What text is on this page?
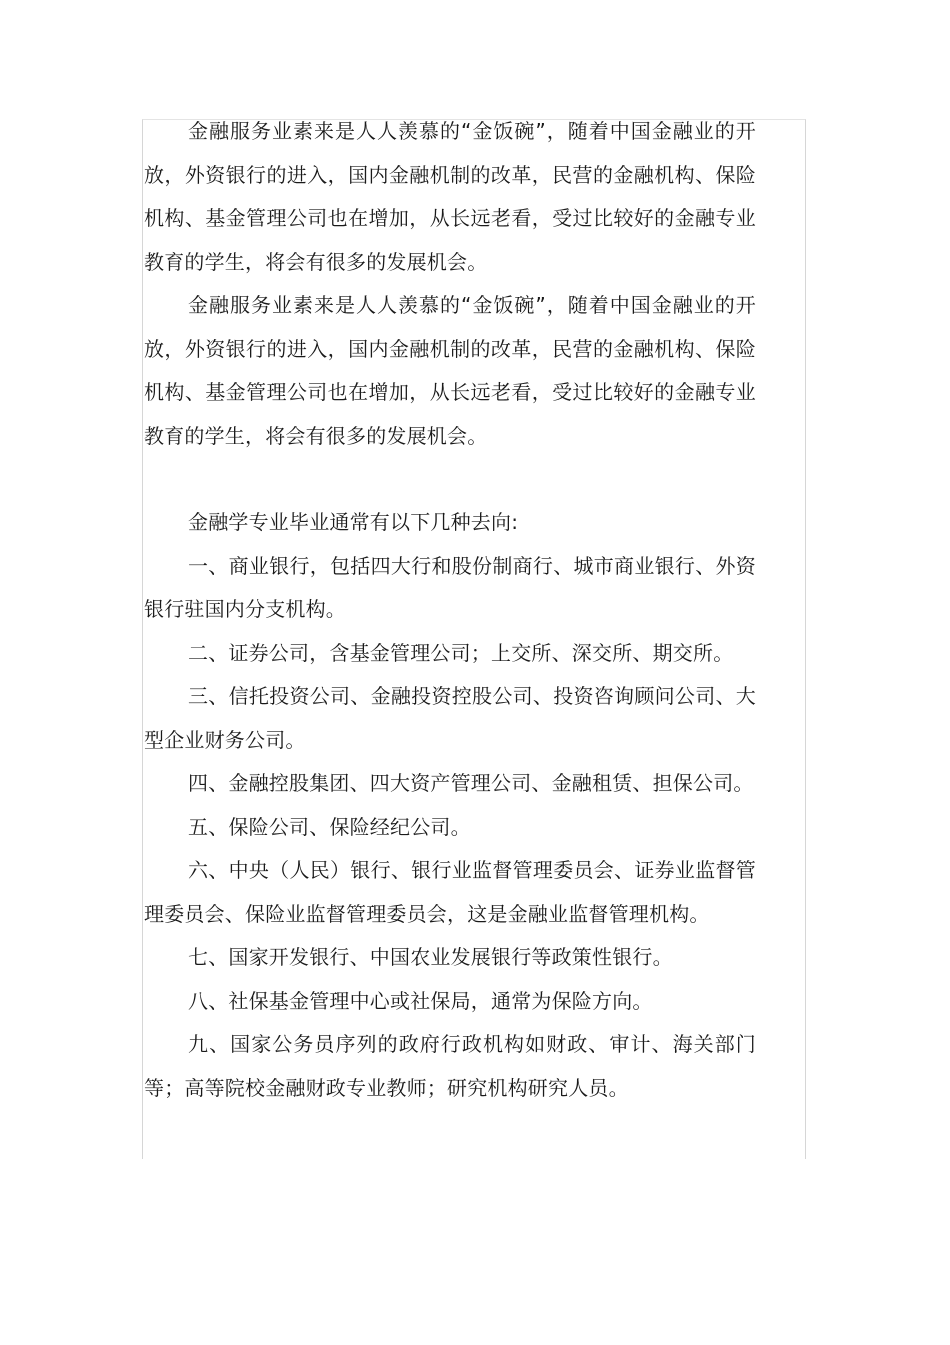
金融服务业素来是人人羡慕的“金饭碗”，随着中国金融业的开放，外资银行的进入，国内金融机制的改革，民营的金融机构、保险机构、基金管理公司也在增加，从长远老看，受过比较好的金融专业教育的学生，将会有很多的发展机会。

金融服务业素来是人人羡慕的“金饭碗”，随着中国金融业的开放，外资银行的进入，国内金融机制的改革，民营的金融机构、保险机构、基金管理公司也在增加，从长远老看，受过比较好的金融专业教育的学生，将会有很多的发展机会。

金融学专业毕业通常有以下几种去向:

一、商业银行，包括四大行和股份制商行、城市商业银行、外资银行驻国内分支机构。

二、证券公司，含基金管理公司；上交所、深交所、期交所。

三、信托投资公司、金融投资控股公司、投资咨询顾问公司、大型企业财务公司。

四、金融控股集团、四大资产管理公司、金融租赁、担保公司。

五、保险公司、保险经纪公司。

六、中央（人民）银行、银行业监督管理委员会、证券业监督管理委员会、保险业监督管理委员会，这是金融业监督管理机构。

七、国家开发银行、中国农业发展银行等政策性银行。

八、社保基金管理中心或社保局，通常为保险方向。

九、国家公务员序列的政府行政机构如财政、审计、海关部门等；高等院校金融财政专业教师；研究机构研究人员。
